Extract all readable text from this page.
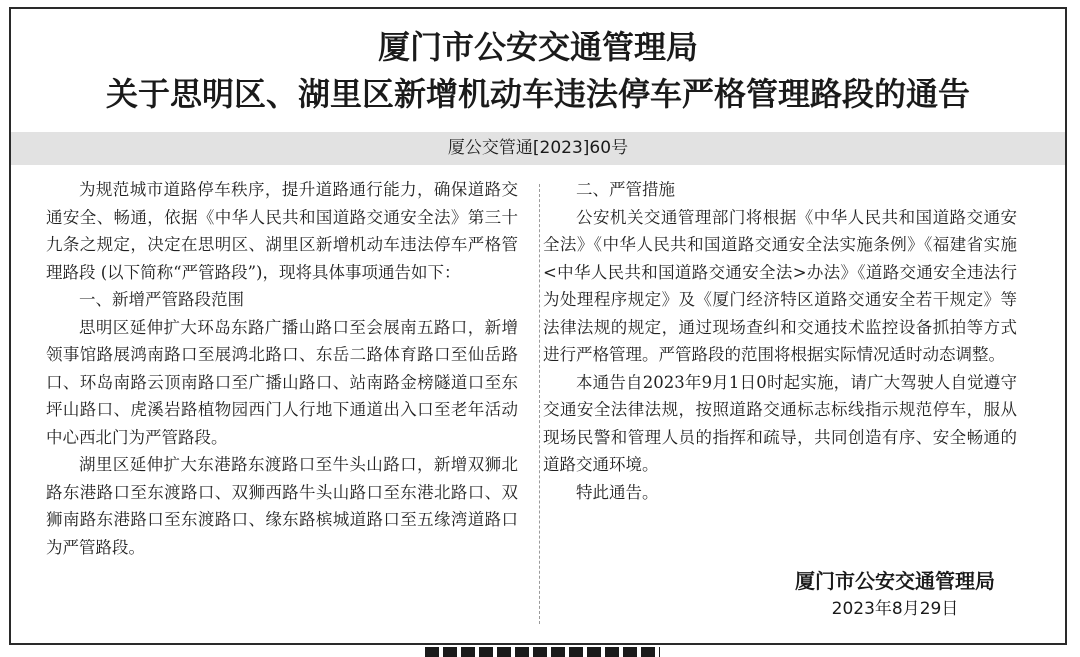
厦门市公安交通管理局
关于思明区、湖里区新增机动车违法停车严格管理路段的通告
厦公交管通[2023]60号

为规范城市道路停车秩序，提升道路通行能力，确保道路交通安全、畅通，依据《中华人民共和国道路交通安全法》第三十九条之规定，决定在思明区、湖里区新增机动车违法停车严格管理路段 (以下简称“严管路段”)，现将具体事项通告如下：

一、新增严管路段范围

思明区延伸扩大环岛东路广播山路口至会展南五路口，新增领事馆路展鸿南路口至展鸿北路口、东岳二路体育路口至仙岳路口、环岛南路云顶南路口至广播山路口、站南路金榜隧道口至东坪山路口、虎溪岩路植物园西门人行地下通道出入口至老年活动中心西北门为严管路段。

湖里区延伸扩大东港路东渡路口至牛头山路口，新增双狮北路东港路口至东渡路口、双狮西路牛头山路口至东港北路口、双狮南路东港路口至东渡路口、缘东路槟城道路口至五缘湾道路口为严管路段。

二、严管措施

公安机关交通管理部门将根据《中华人民共和国道路交通安全法》《中华人民共和国道路交通安全法实施条例》《福建省实施<中华人民共和国道路交通安全法>办法》《道路交通安全违法行为处理程序规定》及《厦门经济特区道路交通安全若干规定》等法律法规的规定，通过现场查纠和交通技术监控设备抓拍等方式进行严格管理。严管路段的范围将根据实际情况适时动态调整。

本通告自2023年9月1日0时起实施，请广大驾驶人自觉遵守交通安全法律法规，按照道路交通标志标线指示规范停车，服从现场民警和管理人员的指挥和疏导，共同创造有序、安全畅通的道路交通环境。

特此通告。

厦门市公安交通管理局
2023年8月29日
